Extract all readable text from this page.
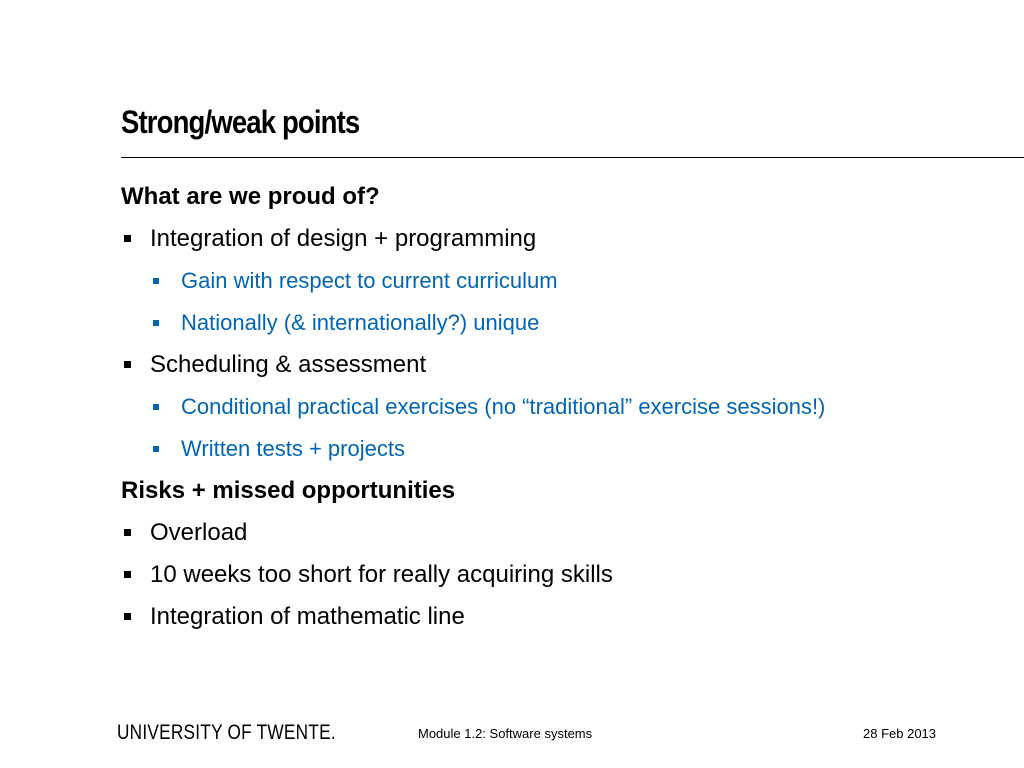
Strong/weak points
What are we proud of?
Integration of design + programming
Gain with respect to current curriculum
Nationally (& internationally?) unique
Scheduling & assessment
Conditional practical exercises (no “traditional” exercise sessions!)
Written tests + projects
Risks + missed opportunities
Overload
10 weeks too short for really acquiring skills
Integration of mathematic line
UNIVERSITY OF TWENTE.	Module 1.2: Software systems	28 Feb 2013
